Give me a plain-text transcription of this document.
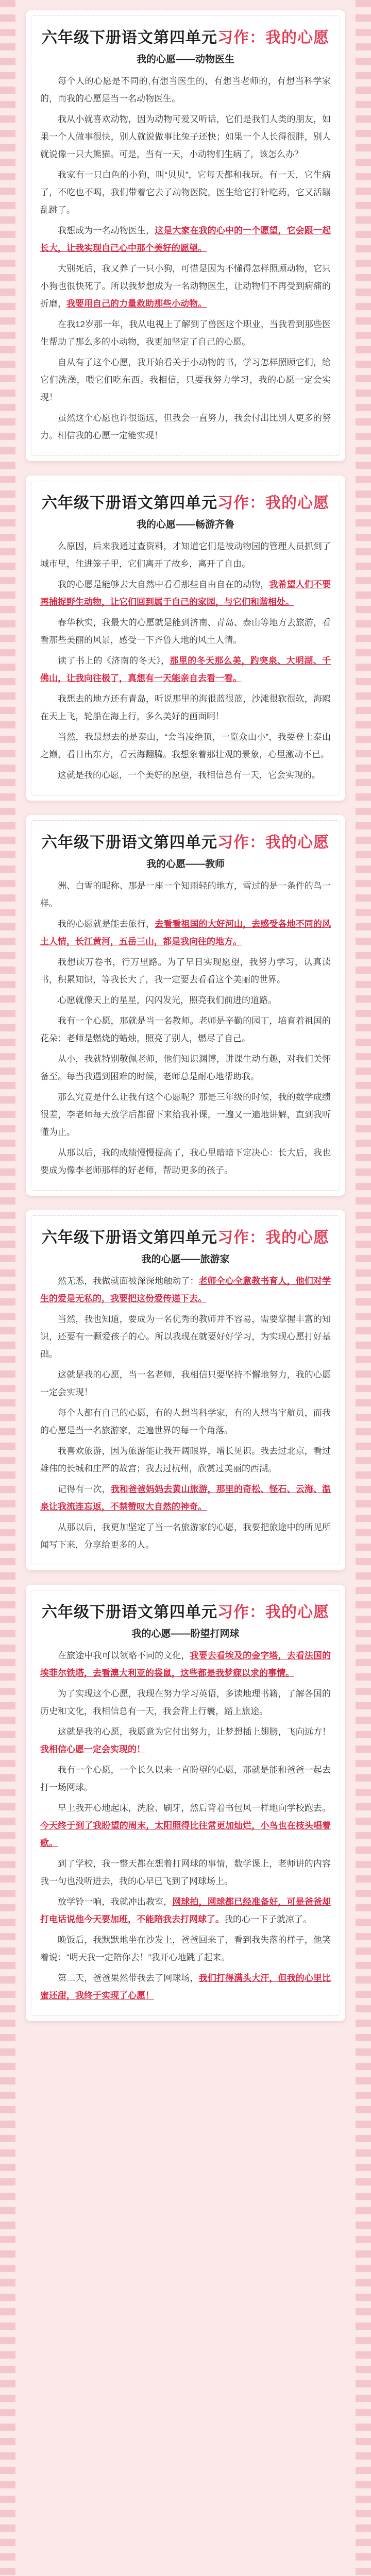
六年级下册语文第四单元习作：我的心愿
我的心愿——动物医生

每个人的心愿是不同的,有想当医生的，有想当老师的，有想当科学家的，而我的心愿是当一名动物医生。

我从小就喜欢动物，因为动物可爱又听话，它们是我们人类的朋友，如果一个人做事很快，别人就说做事比兔子还快；如果一个人长得很胖，别人就说像一只大熊猫。可是，当有一天，小动物们生病了，该怎么办？

我家有一只白色的小狗，叫“贝贝”，它每天都和我玩。有一天，它生病了，不吃也不喝，我们带着它去了动物医院，医生给它打针吃药，它又活蹦乱跳了。

我想成为一名动物医生，这是大家在我的心中的一个愿望，它会跟一起长大，让我实现自己心中那个美好的愿望。

大别死后，我又养了一只小狗，可惜是因为不懂得怎样照顾动物，它只小狗也很快死了。所以我梦想成为一名动物医生，让动物们不再受到病痛的折磨，我要用自己的力量救助那些小动物。

在我12岁那一年，我从电视上了解到了兽医这个职业，当我看到那些医生帮助了那么多的小动物，我更加坚定了自己的心愿。

自从有了这个心愿，我开始看关于小动物的书，学习怎样照顾它们，给它们洗澡，喂它们吃东西。我相信，只要我努力学习，我的心愿一定会实现！

虽然这个心愿也许很遥远，但我会一直努力，我会付出比别人更多的努力。相信我的心愿一定能实现！

六年级下册语文第四单元习作：我的心愿
我的心愿——畅游齐鲁

么原因，后来我通过查资料，才知道它们是被动物园的管理人员抓到了城市里，住进笼子里，它们离开了故乡，离开了自由。

我的心愿是能够去大自然中看看那些自由自在的动物，我希望人们不要再捕捉野生动物，让它们回到属于自己的家园，与它们和谐相处。

春华秋实，我最大的心愿就是能到济南、青岛、泰山等地方去旅游，看看那些美丽的风景，感受一下齐鲁大地的风土人情。

读了书上的《济南的冬天》，那里的冬天那么美，趵突泉、大明湖、千佛山，让我向往极了，真想有一天能亲自去看一看。

我想去的地方还有青岛，听说那里的海很蓝很蓝，沙滩很软很软，海鸥在天上飞，轮船在海上行，多么美好的画面啊！

当然，我最想去的是泰山，“会当凌绝顶，一览众山小”，我要登上泰山之巅，看日出东方，看云海翻腾。我想象着那壮观的景象，心里激动不已。

这就是我的心愿，一个美好的愿望，我相信总有一天，它会实现的。

六年级下册语文第四单元习作：我的心愿
我的心愿——教师

洲、白雪的昵称、那是一座一个知雨轻的地方，雪过的是一条件的鸟一样。

我的心愿就是能去旅行，去看看祖国的大好河山，去感受各地不同的风土人情，长江黄河，五岳三山，都是我向往的地方。

我想读万卷书，行万里路。为了早日实现愿望，我努力学习，认真读书，积累知识，等我长大了，我一定要去看看这个美丽的世界。

心愿就像天上的星星，闪闪发光，照亮我们前进的道路。

我有一个心愿，那就是当一名教师。老师是辛勤的园丁，培育着祖国的花朵；老师是燃烧的蜡烛，照亮了别人，燃尽了自己。

从小，我就特别敬佩老师，他们知识渊博，讲课生动有趣，对我们关怀备至。每当我遇到困难的时候，老师总是耐心地帮助我。

那么究竟是什么让我有这个心愿呢？那是三年级的时候，我的数学成绩很差，李老师每天放学后都留下来给我补课，一遍又一遍地讲解，直到我听懂为止。

从那以后，我的成绩慢慢提高了，我心里暗暗下定决心：长大后，我也要成为像李老师那样的好老师，帮助更多的孩子。

六年级下册语文第四单元习作：我的心愿
我的心愿——旅游家

然无悉，我做就面被深深地触动了：老师全心全意教书育人，他们对学生的爱是无私的，我要把这份爱传递下去。

当然，我也知道，要成为一名优秀的教师并不容易，需要掌握丰富的知识，还要有一颗爱孩子的心。所以我现在就要好好学习，为实现心愿打好基础。

这就是我的心愿，当一名老师，我相信只要坚持不懈地努力，我的心愿一定会实现！

每个人都有自己的心愿，有的人想当科学家，有的人想当宇航员，而我的心愿是当一名旅游家，走遍世界的每一个角落。

我喜欢旅游，因为旅游能让我开阔眼界，增长见识。我去过北京，看过雄伟的长城和庄严的故宫；我去过杭州，欣赏过美丽的西湖。

记得有一次，我和爸爸妈妈去黄山旅游，那里的奇松、怪石、云海、温泉让我流连忘返，不禁赞叹大自然的神奇。

从那以后，我更加坚定了当一名旅游家的心愿，我要把旅途中的所见所闻写下来，分享给更多的人。

六年级下册语文第四单元习作：我的心愿
我的心愿——盼望打网球

在旅途中我可以领略不同的文化，我要去看埃及的金字塔，去看法国的埃菲尔铁塔，去看澳大利亚的袋鼠，这些都是我梦寐以求的事情。

为了实现这个心愿，我现在努力学习英语，多读地理书籍，了解各国的历史和文化，我相信总有一天，我会背上行囊，踏上旅途。

这就是我的心愿，我愿意为它付出努力，让梦想插上翅膀，飞向远方！我相信心愿一定会实现的！

我有一个心愿，一个长久以来一直盼望的心愿，那就是能和爸爸一起去打一场网球。

早上我开心地起床，洗脸、刷牙，然后背着书包风一样地向学校跑去。今天终于到了我盼望的周末，太阳照得比往常更加灿烂，小鸟也在枝头唱着歌。

到了学校，我一整天都在想着打网球的事情，数学课上，老师讲的内容我一句也没听进去，我的心早已飞到了网球场上。

放学铃一响，我就冲出教室，网球拍，网球都已经准备好，可是爸爸却打电话说他今天要加班，不能陪我去打网球了。我的心一下子就凉了。

晚饭后，我默默地坐在沙发上，爸爸回来了，看到我失落的样子，他笑着说：“明天我一定陪你去！”我开心地跳了起来。

第二天，爸爸果然带我去了网球场，我们打得满头大汗，但我的心里比蜜还甜，我终于实现了心愿！
